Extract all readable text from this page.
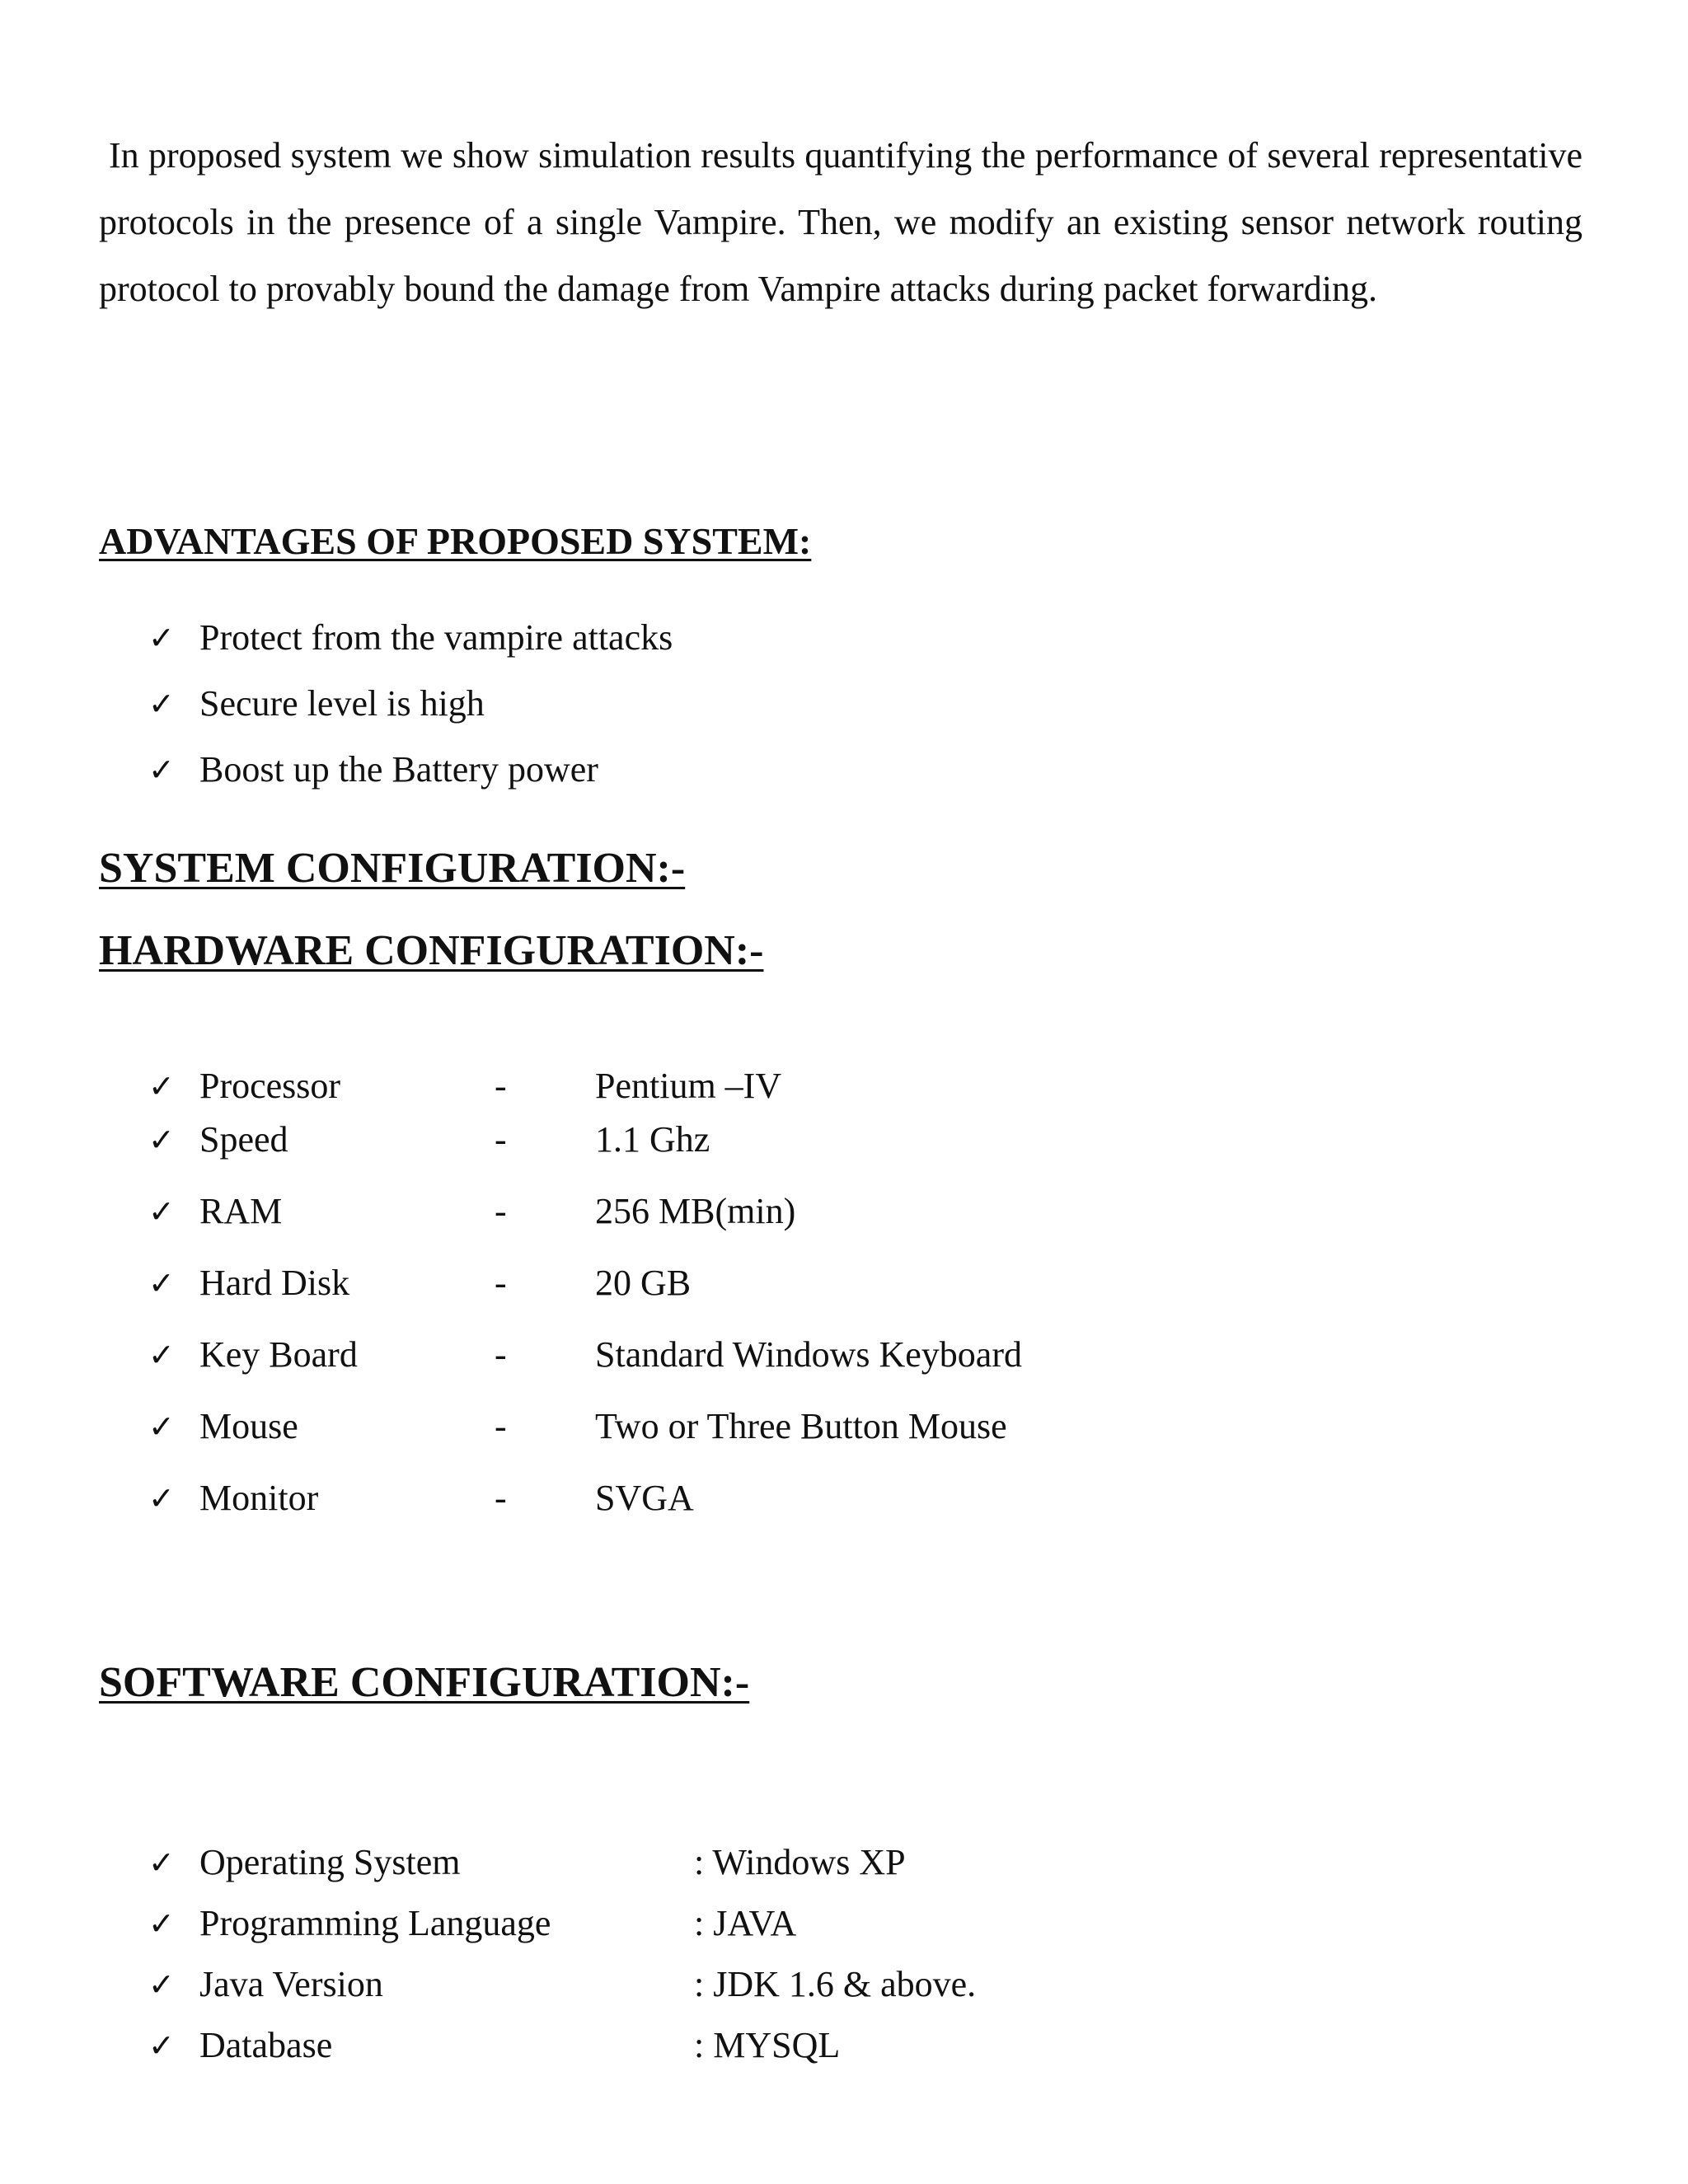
In proposed system we show simulation results quantifying the performance of several representative protocols in the presence of a single Vampire. Then, we modify an existing sensor network routing protocol to provably bound the damage from Vampire attacks during packet forwarding.

ADVANTAGES OF PROPOSED SYSTEM:
✓ Protect from the vampire attacks
✓ Secure level is high
✓ Boost up the Battery power
SYSTEM CONFIGURATION:-
HARDWARE CONFIGURATION:-
✓ Processor	- Pentium –IV
✓ Speed	- 1.1 Ghz
✓ RAM	- 256 MB(min)
✓ Hard Disk	- 20 GB
✓ Key Board	- Standard Windows Keyboard
✓ Mouse	- Two or Three Button Mouse
✓ Monitor	- SVGA
SOFTWARE CONFIGURATION:-
✓ Operating System	: Windows XP
✓ Programming Language	: JAVA
✓ Java Version	: JDK 1.6 & above.
✓ Database	: MYSQL
